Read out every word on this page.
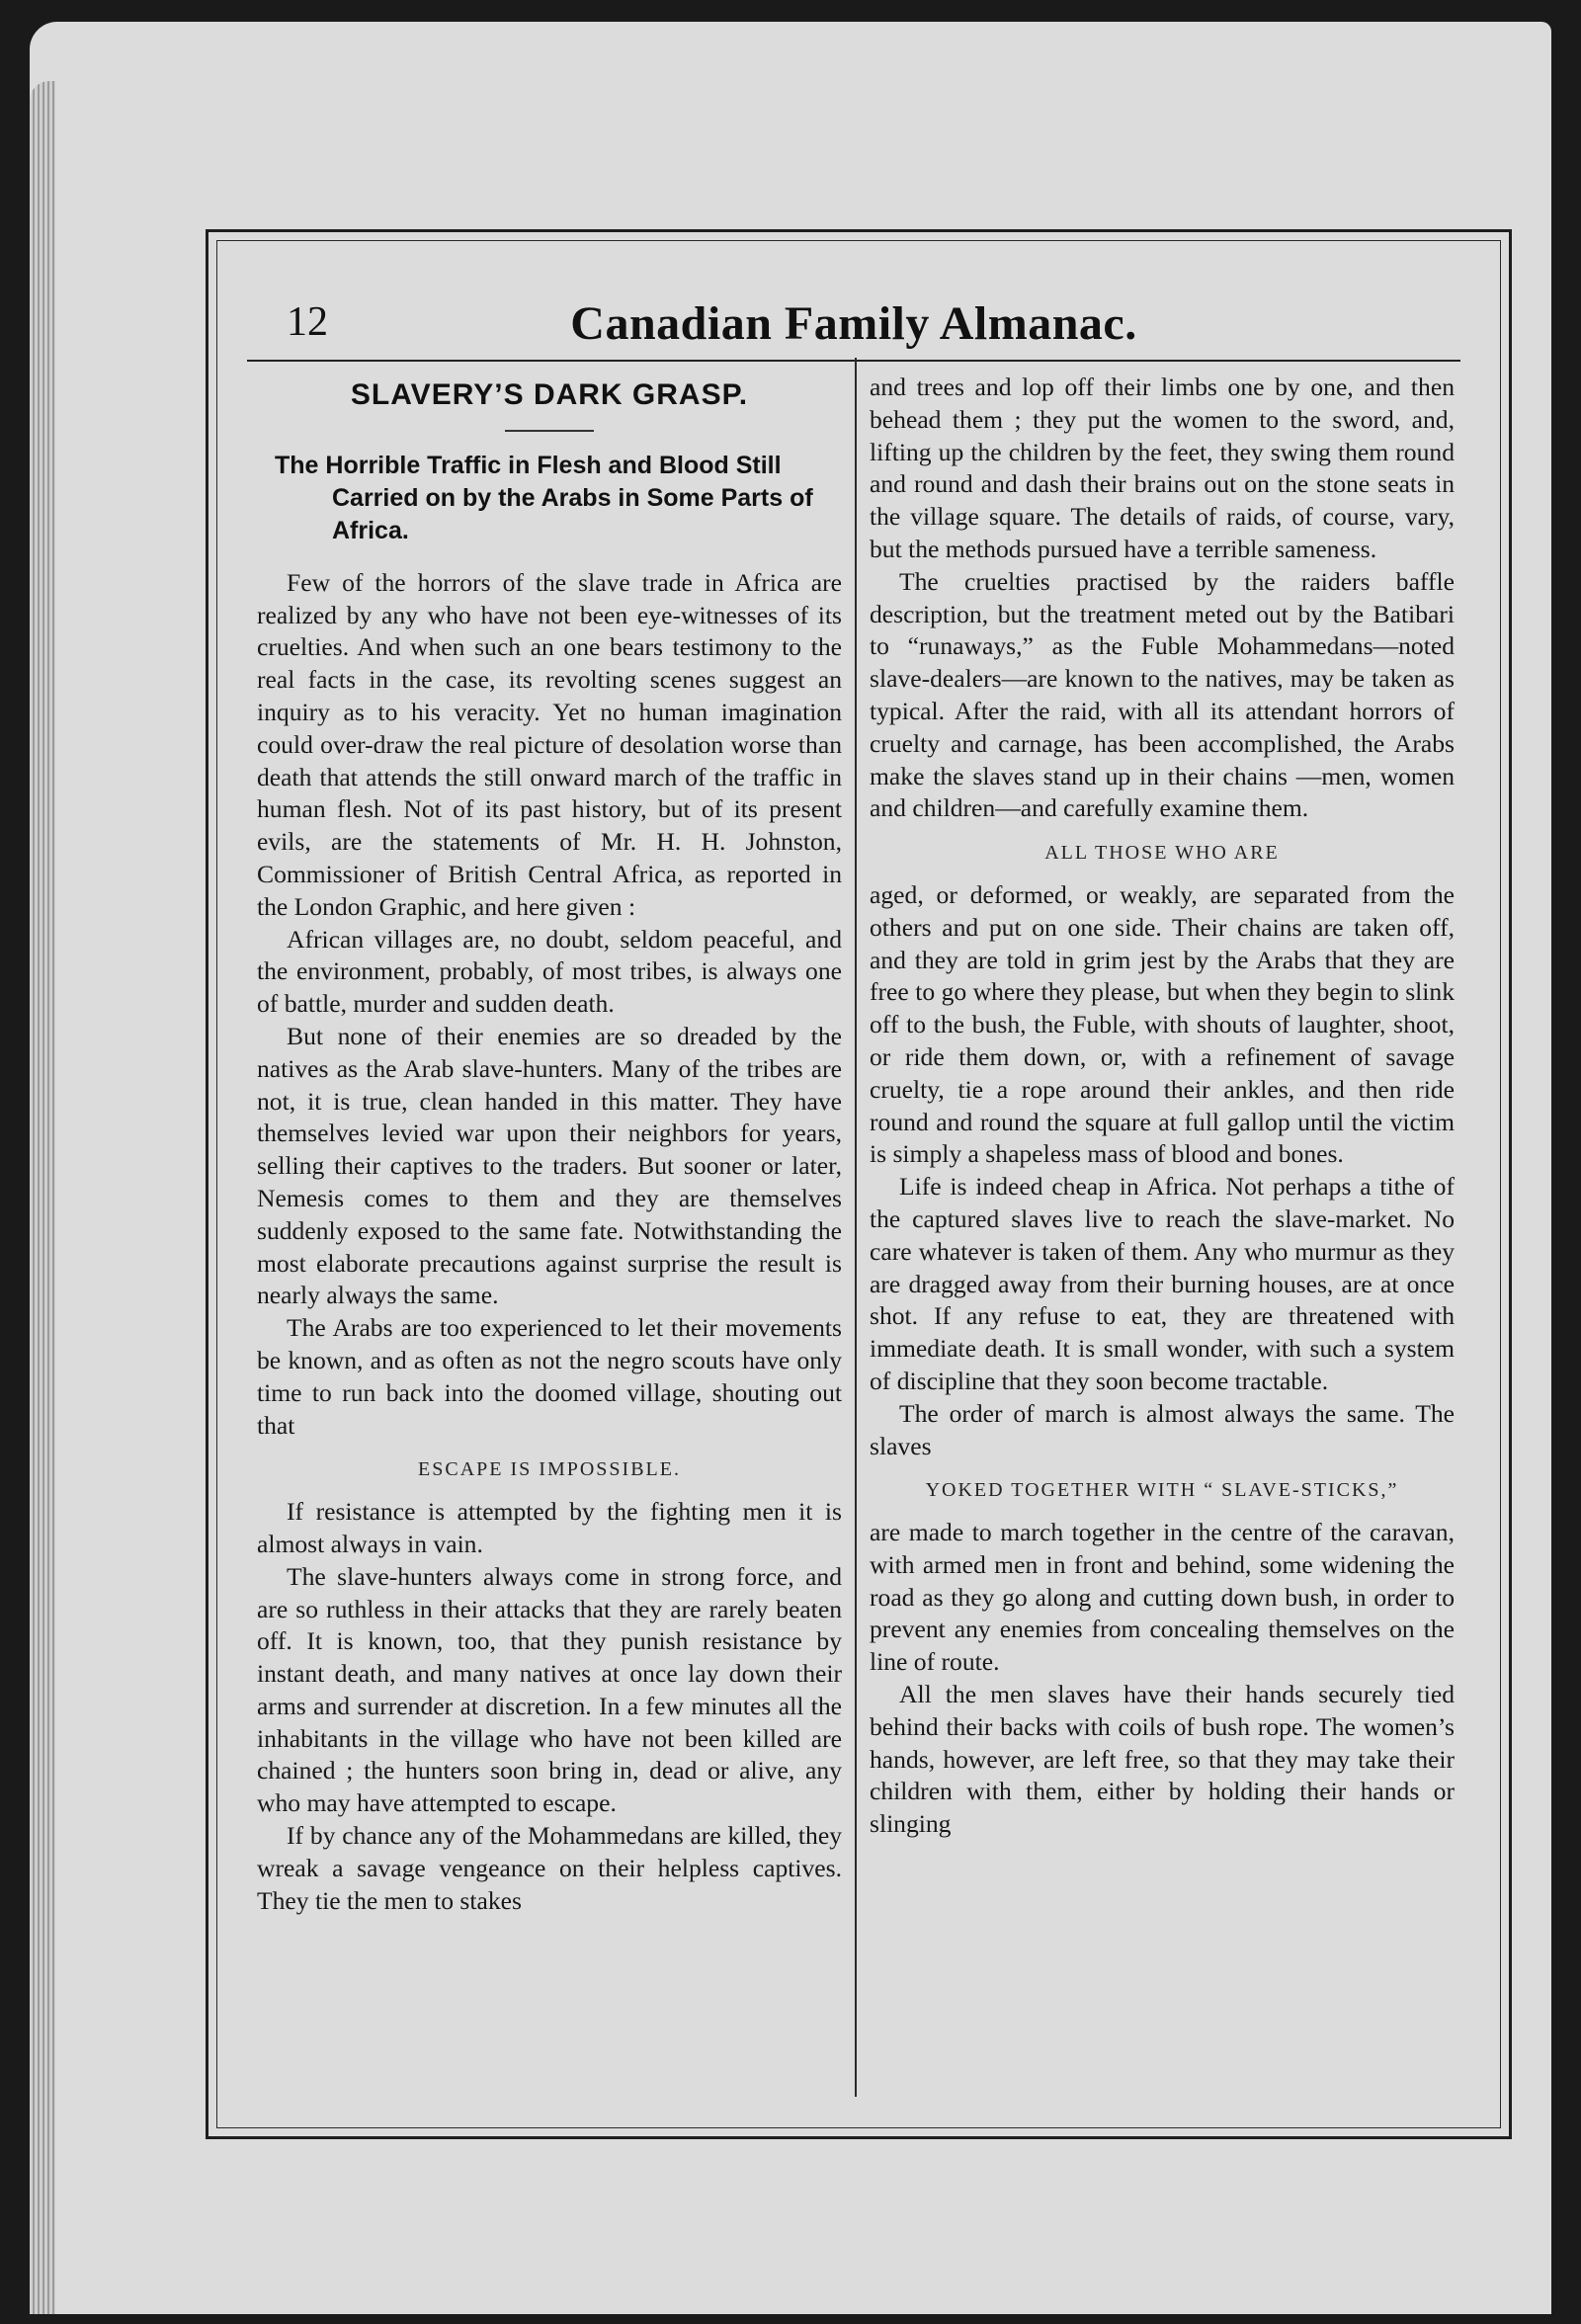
12	Canadian Family Almanac.
SLAVERY’S DARK GRASP.
The Horrible Traffic in Flesh and Blood Still Carried on by the Arabs in Some Parts of Africa.

Few of the horrors of the slave trade in Africa are realized by any who have not been eye-witnesses of its cruelties. And when such an one bears testimony to the real facts in the case, its revolting scenes suggest an inquiry as to his veracity. Yet no human imagination could over-draw the real picture of desolation worse than death that attends the still onward march of the traffic in human flesh. Not of its past history, but of its present evils, are the statements of Mr. H. H. Johnston, Commissioner of British Central Africa, as reported in the London Graphic, and here given :

African villages are, no doubt, seldom peaceful, and the environment, probably, of most tribes, is always one of battle, murder and sudden death.

But none of their enemies are so dreaded by the natives as the Arab slave-hunters. Many of the tribes are not, it is true, clean handed in this matter. They have themselves levied war upon their neighbors for years, selling their captives to the traders. But sooner or later, Nemesis comes to them and they are themselves suddenly exposed to the same fate. Notwithstanding the most elaborate precautions against surprise the result is nearly always the same.

The Arabs are too experienced to let their movements be known, and as often as not the negro scouts have only time to run back into the doomed village, shouting out that

ESCAPE IS IMPOSSIBLE.

If resistance is attempted by the fighting men it is almost always in vain.

The slave-hunters always come in strong force, and are so ruthless in their attacks that they are rarely beaten off. It is known, too, that they punish resistance by instant death, and many natives at once lay down their arms and surrender at discretion. In a few minutes all the inhabitants in the village who have not been killed are chained ; the hunters soon bring in, dead or alive, any who may have attempted to escape.

If by chance any of the Mohammedans are killed, they wreak a savage vengeance on their helpless captives. They tie the men to stakes

and trees and lop off their limbs one by one, and then behead them ; they put the women to the sword, and, lifting up the children by the feet, they swing them round and round and dash their brains out on the stone seats in the village square. The details of raids, of course, vary, but the methods pursued have a terrible sameness.

The cruelties practised by the raiders baffle description, but the treatment meted out by the Batibari to “runaways,” as the Fuble Mohammedans—noted slave-dealers—are known to the natives, may be taken as typical. After the raid, with all its attendant horrors of cruelty and carnage, has been accomplished, the Arabs make the slaves stand up in their chains —men, women and children—and carefully examine them.

ALL THOSE WHO ARE

aged, or deformed, or weakly, are separated from the others and put on one side. Their chains are taken off, and they are told in grim jest by the Arabs that they are free to go where they please, but when they begin to slink off to the bush, the Fuble, with shouts of laughter, shoot, or ride them down, or, with a refinement of savage cruelty, tie a rope around their ankles, and then ride round and round the square at full gallop until the victim is simply a shapeless mass of blood and bones.

Life is indeed cheap in Africa. Not perhaps a tithe of the captured slaves live to reach the slave-market. No care whatever is taken of them. Any who murmur as they are dragged away from their burning houses, are at once shot. If any refuse to eat, they are threatened with immediate death. It is small wonder, with such a system of discipline that they soon become tractable.

The order of march is almost always the same. The slaves

YOKED TOGETHER WITH “ SLAVE-STICKS,”

are made to march together in the centre of the caravan, with armed men in front and behind, some widening the road as they go along and cutting down bush, in order to prevent any enemies from concealing themselves on the line of route.

All the men slaves have their hands securely tied behind their backs with coils of bush rope. The women’s hands, however, are left free, so that they may take their children with them, either by holding their hands or slinging
